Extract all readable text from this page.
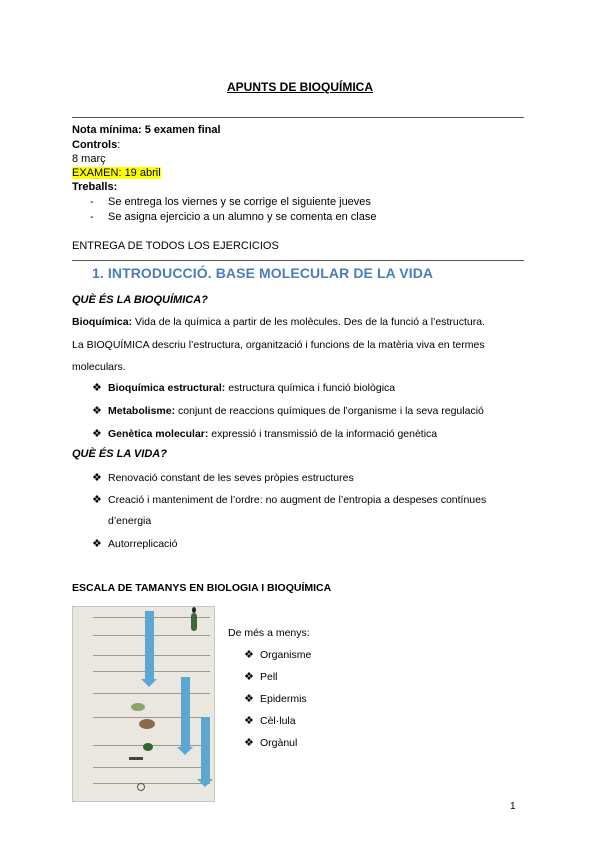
APUNTS DE BIOQUÍMICA
Nota mínima: 5 examen final
Controls:
8 març
EXAMEN: 19 abril
Treballs:
- Se entrega los viernes y se corrige el siguiente jueves
- Se asigna ejercicio a un alumno y se comenta en clase
ENTREGA DE TODOS LOS EJERCICIOS
1. INTRODUCCIÓ. BASE MOLECULAR DE LA VIDA
QUÈ ÉS LA BIOQUÍMICA?
Bioquímica: Vida de la química a partir de les molècules. Des de la funció a l’estructura.
La BIOQUÍMICA descriu l’estructura, organització i funcions de la matèria viva en termes
moleculars.
❖ Bioquímica estructural: estructura química i funció biològica
❖ Metabolisme: conjunt de reaccions químiques de l’organisme i la seva regulació
❖ Genètica molecular: expressió i transmissió de la informació genètica
QUÈ ÉS LA VIDA?
❖ Renovació constant de les seves pròpies estructures
❖ Creació i manteniment de l’ordre: no augment de l’entropia a despeses contínues
d’energia
❖ Autorreplicació
ESCALA DE TAMANYS EN BIOLOGIA I BIOQUÍMICA
De més a menys:
❖ Organisme
❖ Pell
❖ Epidermis
❖ Cèl·lula
❖ Orgànul
1
